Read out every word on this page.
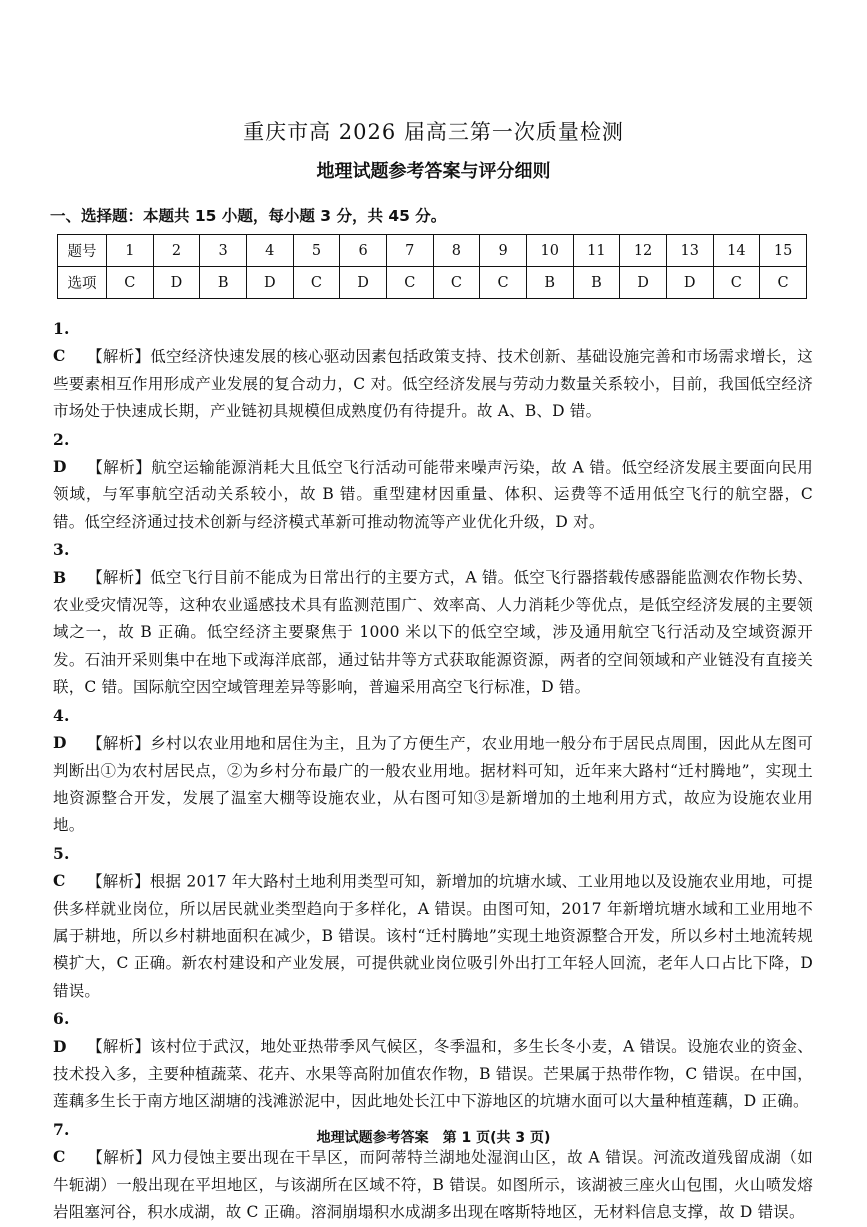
重庆市高 2026 届高三第一次质量检测
地理试题参考答案与评分细则
一、选择题：本题共 15 小题，每小题 3 分，共 45 分。
题号	1	2	3	4	5	6	7	8	9	10	11	12	13	14	15
选项	C	D	B	D	C	D	C	C	C	B	B	D	D	C	C

1. C 【解析】低空经济快速发展的核心驱动因素包括政策支持、技术创新、基础设施完善和市场需求增长，这些要素相互作用形成产业发展的复合动力，C 对。低空经济发展与劳动力数量关系较小，目前，我国低空经济市场处于快速成长期，产业链初具规模但成熟度仍有待提升。故 A、B、D 错。

2. D 【解析】航空运输能源消耗大且低空飞行活动可能带来噪声污染，故 A 错。低空经济发展主要面向民用领域，与军事航空活动关系较小，故 B 错。重型建材因重量、体积、运费等不适用低空飞行的航空器，C 错。低空经济通过技术创新与经济模式革新可推动物流等产业优化升级，D 对。

3. B 【解析】低空飞行目前不能成为日常出行的主要方式，A 错。低空飞行器搭载传感器能监测农作物长势、农业受灾情况等，这种农业遥感技术具有监测范围广、效率高、人力消耗少等优点，是低空经济发展的主要领域之一，故 B 正确。低空经济主要聚焦于 1000 米以下的低空空域，涉及通用航空飞行活动及空域资源开发。石油开采则集中在地下或海洋底部，通过钻井等方式获取能源资源，两者的空间领域和产业链没有直接关联，C 错。国际航空因空域管理差异等影响，普遍采用高空飞行标准，D 错。

4. D 【解析】乡村以农业用地和居住为主，且为了方便生产，农业用地一般分布于居民点周围，因此从左图可判断出①为农村居民点，②为乡村分布最广的一般农业用地。据材料可知，近年来大路村“迁村腾地”，实现土地资源整合开发，发展了温室大棚等设施农业，从右图可知③是新增加的土地利用方式，故应为设施农业用地。

5. C 【解析】根据 2017 年大路村土地利用类型可知，新增加的坑塘水域、工业用地以及设施农业用地，可提供多样就业岗位，所以居民就业类型趋向于多样化，A 错误。由图可知，2017 年新增坑塘水域和工业用地不属于耕地，所以乡村耕地面积在减少，B 错误。该村“迁村腾地”实现土地资源整合开发，所以乡村土地流转规模扩大，C 正确。新农村建设和产业发展，可提供就业岗位吸引外出打工年轻人回流，老年人口占比下降，D 错误。

6. D 【解析】该村位于武汉，地处亚热带季风气候区，冬季温和，多生长冬小麦，A 错误。设施农业的资金、技术投入多，主要种植蔬菜、花卉、水果等高附加值农作物，B 错误。芒果属于热带作物，C 错误。在中国，莲藕多生长于南方地区湖塘的浅滩淤泥中，因此地处长江中下游地区的坑塘水面可以大量种植莲藕，D 正确。

7. C 【解析】风力侵蚀主要出现在干旱区，而阿蒂特兰湖地处湿润山区，故 A 错误。河流改道残留成湖（如牛轭湖）一般出现在平坦地区，与该湖所在区域不符，B 错误。如图所示，该湖被三座火山包围，火山喷发熔岩阻塞河谷，积水成湖，故 C 正确。溶洞崩塌积水成湖多出现在喀斯特地区，无材料信息支撑，故 D 错误。

地理试题参考答案　第 1 页(共 3 页)
